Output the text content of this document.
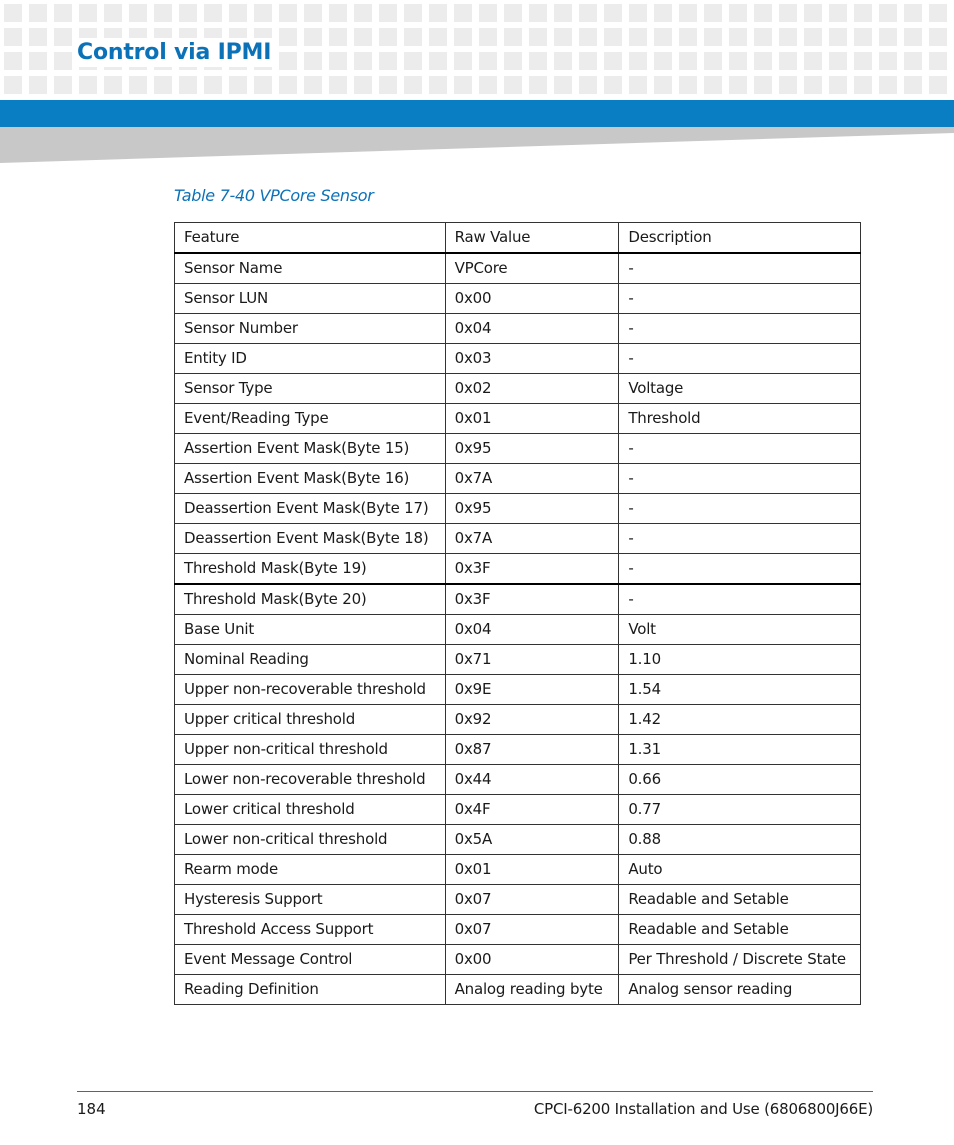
Control via IPMI
Table 7-40 VPCore Sensor
Feature	Raw Value	Description
Sensor Name	VPCore	-
Sensor LUN	0x00	-
Sensor Number	0x04	-
Entity ID	0x03	-
Sensor Type	0x02	Voltage
Event/Reading Type	0x01	Threshold
Assertion Event Mask(Byte 15)	0x95	-
Assertion Event Mask(Byte 16)	0x7A	-
Deassertion Event Mask(Byte 17)	0x95	-
Deassertion Event Mask(Byte 18)	0x7A	-
Threshold Mask(Byte 19)	0x3F	-
Threshold Mask(Byte 20)	0x3F	-
Base Unit	0x04	Volt
Nominal Reading	0x71	1.10
Upper non-recoverable threshold	0x9E	1.54
Upper critical threshold	0x92	1.42
Upper non-critical threshold	0x87	1.31
Lower non-recoverable threshold	0x44	0.66
Lower critical threshold	0x4F	0.77
Lower non-critical threshold	0x5A	0.88
Rearm mode	0x01	Auto
Hysteresis Support	0x07	Readable and Setable
Threshold Access Support	0x07	Readable and Setable
Event Message Control	0x00	Per Threshold / Discrete State
Reading Definition	Analog reading byte	Analog sensor reading
184	CPCI-6200 Installation and Use (6806800J66E)
